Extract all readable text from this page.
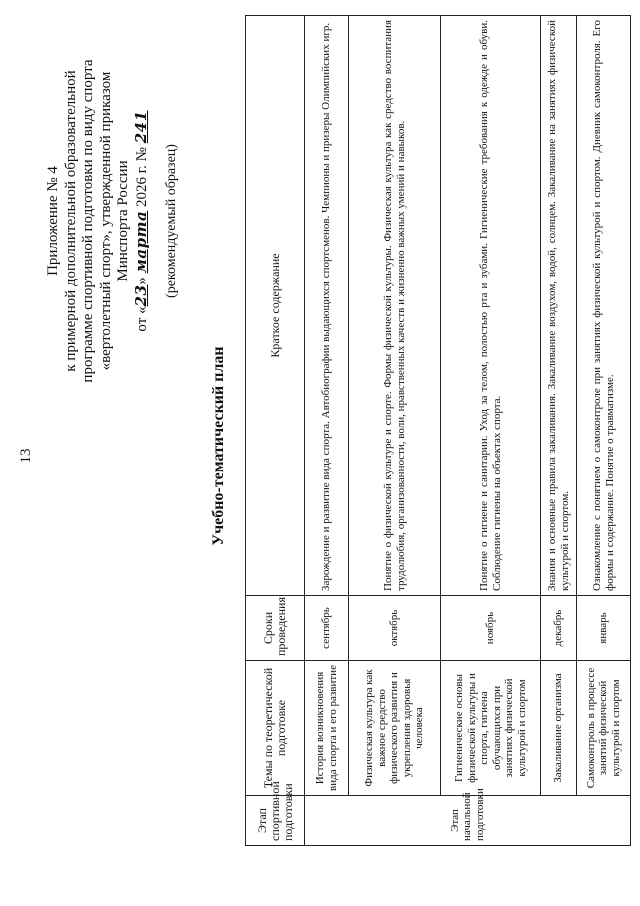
13
Приложение № 4 к примерной дополнительной образовательной программе спортивной подготовки по виду спорта «вертолетный спорт», утвержденной приказом Минспорта России
от «23» марта 2026 г. № 241
(рекомендуемый образец)
Учебно-тематический план
Этап спортивной подготовки	Темы по теоретической подготовке	Сроки проведения	Краткое содержание
Этап начальной подготовки	История возникновения вида спорта и его развитие	сентябрь	Зарождение и развитие вида спорта. Автобиографии выдающихся спортсменов. Чемпионы и призеры Олимпийских игр.
	Физическая культура как важное средство физического развития и укрепления здоровья человека	октябрь	Понятие о физической культуре и спорте. Формы физической культуры. Физическая культура как средство воспитания трудолюбия, организованности, воли, нравственных качеств и жизненно важных умений и навыков.
	Гигиенические основы физической культуры и спорта, гигиена обучающихся при занятиях физической культурой и спортом	ноябрь	Понятие о гигиене и санитарии. Уход за телом, полостью рта и зубами. Гигиенические требования к одежде и обуви. Соблюдение гигиены на объектах спорта.
	Закаливание организма	декабрь	Знания и основные правила закаливания. Закаливание воздухом, водой, солнцем. Закаливание на занятиях физической культурой и спортом.
	Самоконтроль в процессе занятий физической культурой и спортом	январь	Ознакомление с понятием о самоконтроле при занятиях физической культурой и спортом. Дневник самоконтроля. Его формы и содержание. Понятие о травматизме.
